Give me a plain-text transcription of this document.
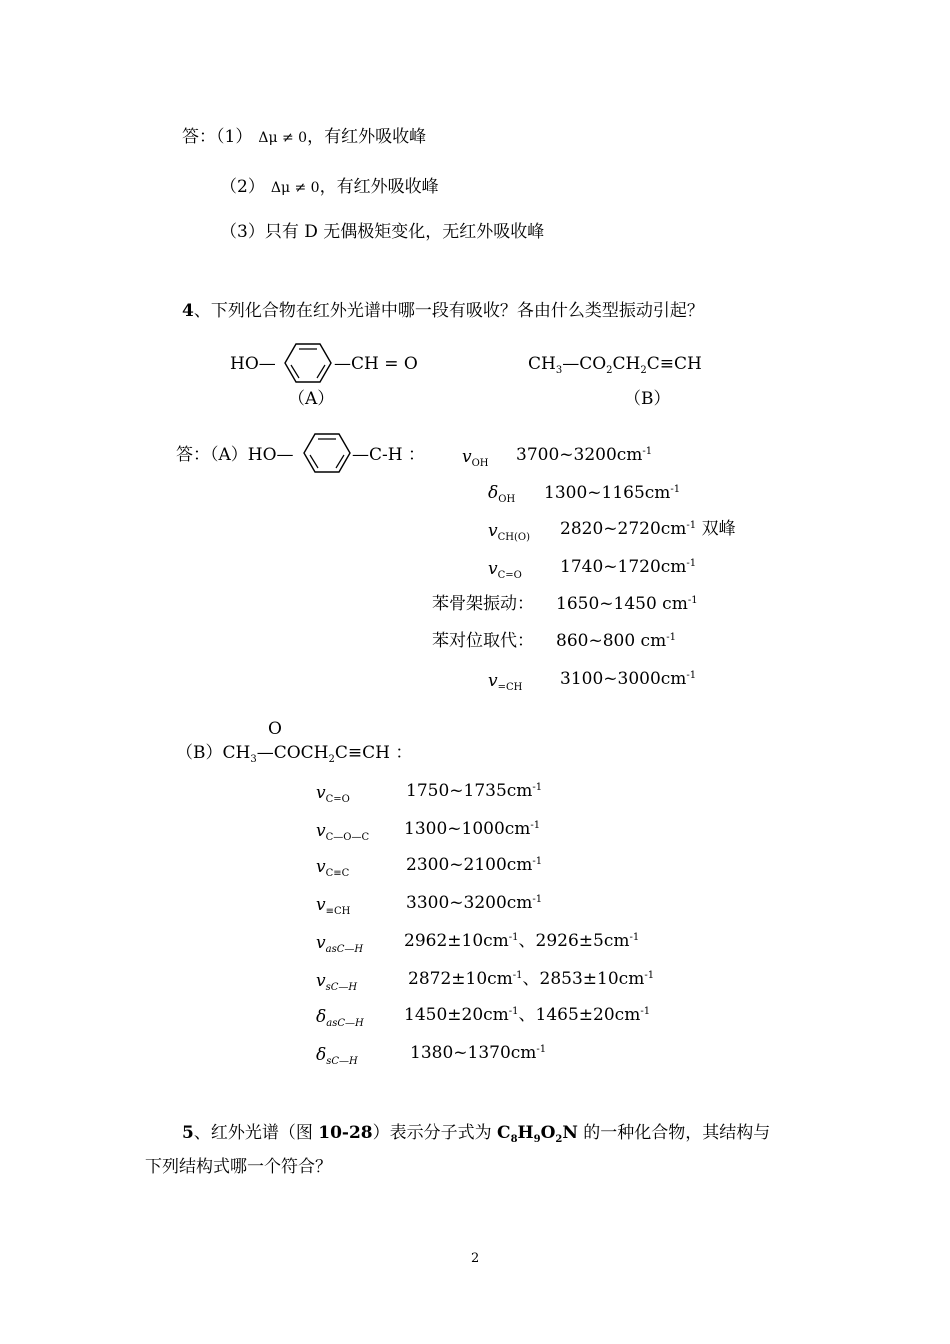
答：（1） Δμ ≠ 0，有红外吸收峰
（2） Δμ ≠ 0，有红外吸收峰
（3）只有 D 无偶极矩变化，无红外吸收峰
4、下列化合物在红外光谱中哪一段有吸收？各由什么类型振动引起？
HO—	—CH = O
（A）
$CH_3—CO_2CH_2C\equiv CH$
（B）
答：（A）HO—	—C-H ： $v_{OH}$ $3700\sim 3200cm^{-1}$
$\delta_{OH}$ $1300\sim 1165cm^{-1}$
$v_{CH(O)}$ $2820\sim 2720cm^{-1}$ 双峰
$v_{C=O}$ $1740\sim 1720cm^{-1}$
苯骨架振动： 1650~1450 $cm^{-1}$
苯对位取代： 860~800 $cm^{-1}$
$v_{=CH}$ $3100\sim 3000cm^{-1}$
O
$(B)CH_3—COCH_2C\equiv CH$ ：
$v_{C=O}$	$1750\sim 1735cm^{-1}$
$v_{C—O—C}$ $1300\sim 1000cm^{-1}$
$v_{C\equiv C}$	$2300\sim 2100cm^{-1}$
$v_{\equiv CH}$	$3300\sim 3200cm^{-1}$
$v_{asC—H}$ $2962\pm 10cm^{-1}$、$2926\pm 5cm^{-1}$
$v_{sC—H}$	$2872\pm 10cm^{-1}$、$2853\pm 10cm^{-1}$
$\delta_{asC—H}$ $1450\pm 20cm^{-1}$、$1465\pm 20cm^{-1}$
$\delta_{sC—H}$	$1380\sim 1370cm^{-1}$
5、红外光谱（图 10-28）表示分子式为 $C_8H_9O_2N$ 的一种化合物，其结构与
下列结构式哪一个符合？
2
